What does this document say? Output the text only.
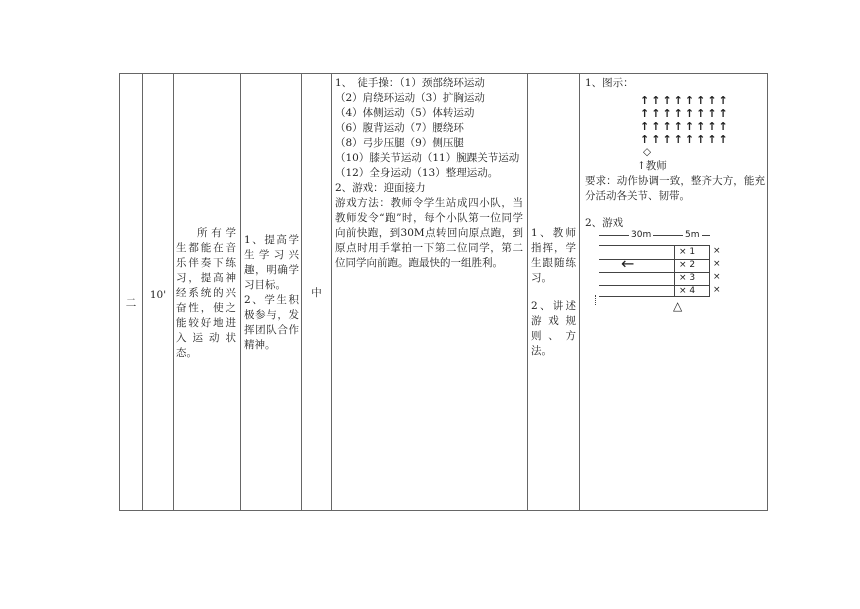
二
10'
所有学生都能在音乐伴奏下练习，提高神经系统的兴奋性，使之能较好地进入运动状态。
1、提高学生学习兴趣，明确学习目标。
2、学生积极参与，发挥团队合作精神。
中
1、　徒手操：（1）颈部绕环运动
（2）肩绕环运动（3）扩胸运动
（4）体侧运动（5）体转运动
（6）腹背运动（7）腰绕环
（8）弓步压腿（9）侧压腿
（10）膝关节运动（11）腕踝关节运动
（12）全身运动（13）整理运动。
2、游戏：迎面接力
游戏方法：教师令学生站成四小队，当教师发令“跑”时，每个小队第一位同学向前快跑，到30M点转回向原点跑，到原点时用手掌拍一下第二位同学，第二位同学向前跑。跑最快的一组胜利。
1、教师指挥，学生跟随练习。
2、讲述游戏规则、方法。
1、图示：
↑↑↑↑↑↑↑↑
↑↑↑↑↑↑↑↑
↑↑↑↑↑↑↑↑
↑↑↑↑↑↑↑↑
◇
↑教师
要求：动作协调一致，整齐大方，能充分活动各关节、韧带。
2、游戏
30m	5m
× 1
× 2
× 3
× 4
←
×
×
×
×
△
